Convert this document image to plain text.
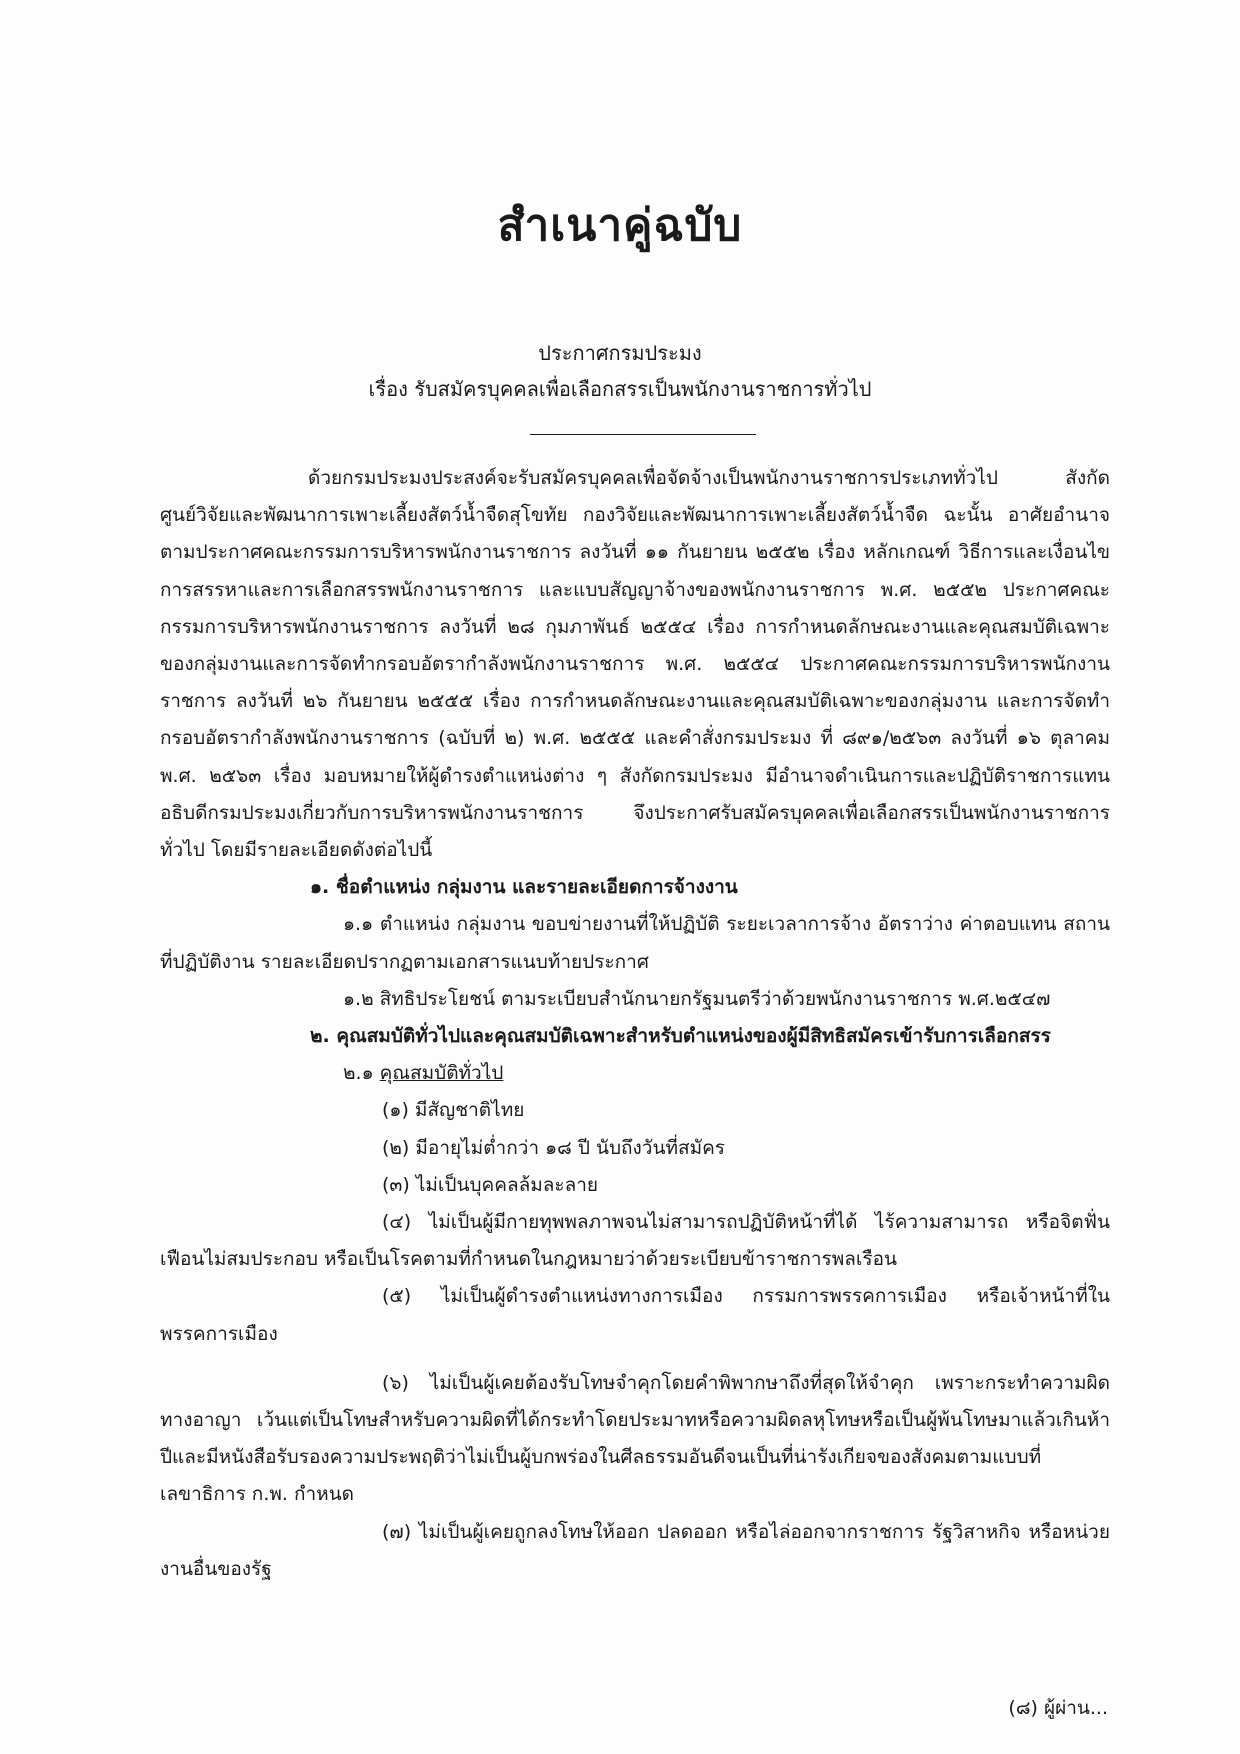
สำเนาคู่ฉบับ
ประกาศกรมประมง
เรื่อง รับสมัครบุคคลเพื่อเลือกสรรเป็นพนักงานราชการทั่วไป

ด้วยกรมประมงประสงค์จะรับสมัครบุคคลเพื่อจัดจ้างเป็นพนักงานราชการประเภททั่วไป สังกัดศูนย์วิจัยและพัฒนาการเพาะเลี้ยงสัตว์น้ำจืดสุโขทัย กองวิจัยและพัฒนาการเพาะเลี้ยงสัตว์น้ำจืด ฉะนั้น อาศัยอำนาจตามประกาศคณะกรรมการบริหารพนักงานราชการ ลงวันที่ ๑๑ กันยายน ๒๕๕๒ เรื่อง หลักเกณฑ์ วิธีการและเงื่อนไขการสรรหาและการเลือกสรรพนักงานราชการ และแบบสัญญาจ้างของพนักงานราชการ พ.ศ. ๒๕๕๒ ประกาศคณะกรรมการบริหารพนักงานราชการ ลงวันที่ ๒๘ กุมภาพันธ์ ๒๕๕๔ เรื่อง การกำหนดลักษณะงานและคุณสมบัติเฉพาะของกลุ่มงานและการจัดทำกรอบอัตรากำลังพนักงานราชการ พ.ศ. ๒๕๕๔ ประกาศคณะกรรมการบริหารพนักงานราชการ ลงวันที่ ๒๖ กันยายน ๒๕๕๕ เรื่อง การกำหนดลักษณะงานและคุณสมบัติเฉพาะของกลุ่มงาน และการจัดทำกรอบอัตรากำลังพนักงานราชการ (ฉบับที่ ๒) พ.ศ. ๒๕๕๕ และคำสั่งกรมประมง ที่ ๘๙๑/๒๕๖๓ ลงวันที่ ๑๖ ตุลาคม พ.ศ. ๒๕๖๓ เรื่อง มอบหมายให้ผู้ดำรงตำแหน่งต่าง ๆ สังกัดกรมประมง มีอำนาจดำเนินการและปฏิบัติราชการแทนอธิบดีกรมประมงเกี่ยวกับการบริหารพนักงานราชการ จึงประกาศรับสมัครบุคคลเพื่อเลือกสรรเป็นพนักงานราชการทั่วไป โดยมีรายละเอียดดังต่อไปนี้

๑. ชื่อตำแหน่ง กลุ่มงาน และรายละเอียดการจ้างงาน

๑.๑ ตำแหน่ง กลุ่มงาน ขอบข่ายงานที่ให้ปฏิบัติ ระยะเวลาการจ้าง อัตราว่าง ค่าตอบแทน สถานที่ปฏิบัติงาน รายละเอียดปรากฏตามเอกสารแนบท้ายประกาศ

๑.๒ สิทธิประโยชน์ ตามระเบียบสำนักนายกรัฐมนตรีว่าด้วยพนักงานราชการ พ.ศ.๒๕๔๗

๒. คุณสมบัติทั่วไปและคุณสมบัติเฉพาะสำหรับตำแหน่งของผู้มีสิทธิสมัครเข้ารับการเลือกสรร

๒.๑ คุณสมบัติทั่วไป

(๑) มีสัญชาติไทย

(๒) มีอายุไม่ต่ำกว่า ๑๘ ปี นับถึงวันที่สมัคร

(๓) ไม่เป็นบุคคลล้มละลาย

(๔) ไม่เป็นผู้มีกายทุพพลภาพจนไม่สามารถปฏิบัติหน้าที่ได้ ไร้ความสามารถ หรือจิตฟั่นเฟือนไม่สมประกอบ หรือเป็นโรคตามที่กำหนดในกฎหมายว่าด้วยระเบียบข้าราชการพลเรือน

(๕) ไม่เป็นผู้ดำรงตำแหน่งทางการเมือง กรรมการพรรคการเมือง หรือเจ้าหน้าที่ในพรรคการเมือง

(๖) ไม่เป็นผู้เคยต้องรับโทษจำคุกโดยคำพิพากษาถึงที่สุดให้จำคุก เพราะกระทำความผิดทางอาญา เว้นแต่เป็นโทษสำหรับความผิดที่ได้กระทำโดยประมาทหรือความผิดลหุโทษหรือเป็นผู้พ้นโทษมาแล้วเกินห้าปีและมีหนังสือรับรองความประพฤติว่าไม่เป็นผู้บกพร่องในศีลธรรมอันดีจนเป็นที่น่ารังเกียจของสังคมตามแบบที่เลขาธิการ ก.พ. กำหนด

(๗) ไม่เป็นผู้เคยถูกลงโทษให้ออก ปลดออก หรือไล่ออกจากราชการ รัฐวิสาหกิจ หรือหน่วยงานอื่นของรัฐ

(๘) ผู้ผ่าน...
